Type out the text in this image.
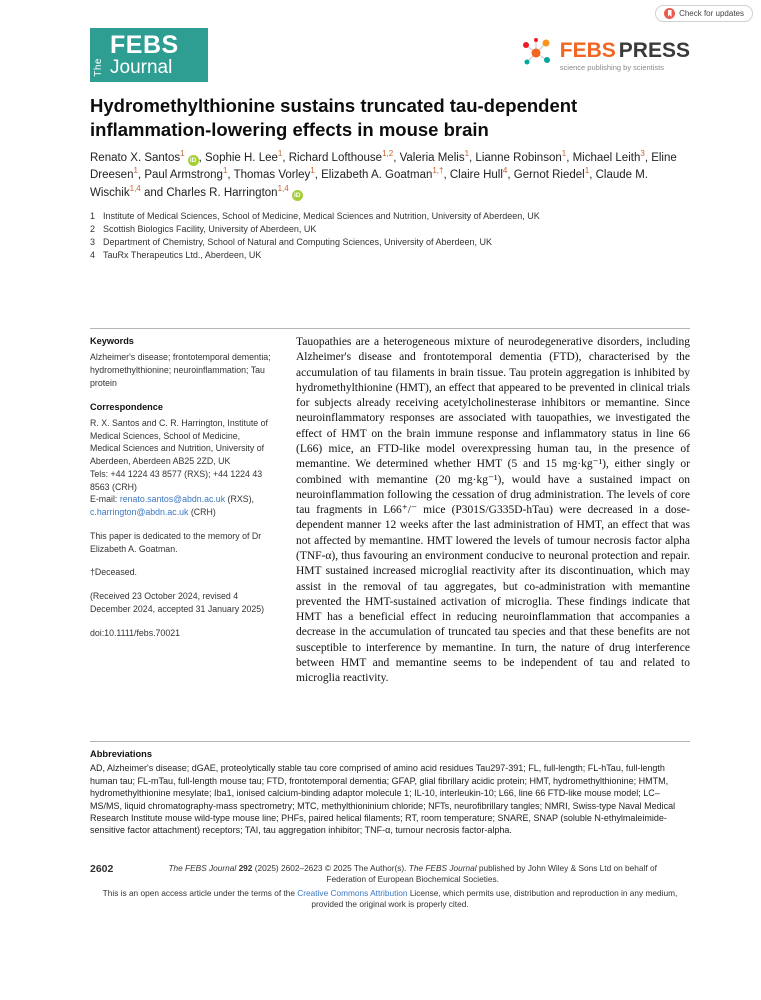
Check for updates
The
FEBS
Journal
FEBS PRESS
science publishing by scientists
Hydromethylthionine sustains truncated tau-dependent inflammation-lowering effects in mouse brain
Renato X. Santos$^1$iD , Sophie H. Lee$^1$, Richard Lofthouse$^{1,2}$, Valeria Melis$^1$, Lianne Robinson$^1$, Michael Leith$^3$, Eline Dreesen$^1$, Paul Armstrong$^1$, Thomas Vorley$^1$, Elizabeth A. Goatman$^{1,\dagger}$, Claire Hull$^4$, Gernot Riedel$^1$, Claude M. Wischik$^{1,4}$ and Charles R. Harrington$^{1,4}$iD
1 Institute of Medical Sciences, School of Medicine, Medical Sciences and Nutrition, University of Aberdeen, UK
2 Scottish Biologics Facility, University of Aberdeen, UK
3 Department of Chemistry, School of Natural and Computing Sciences, University of Aberdeen, UK
4 TauRx Therapeutics Ltd., Aberdeen, UK
Keywords

Alzheimer's disease; frontotemporal dementia; hydromethylthionine; neuroinflammation; Tau protein

Correspondence

R. X. Santos and C. R. Harrington, Institute of Medical Sciences, School of Medicine, Medical Sciences and Nutrition, University of Aberdeen, Aberdeen AB25 2ZD, UK

Tels: +44 1224 43 8577 (RXS); +44 1224 43 8563 (CRH)

E-mail: renato.santos@abdn.ac.uk (RXS), c.harrington@abdn.ac.uk (CRH)

This paper is dedicated to the memory of Dr Elizabeth A. Goatman.

†Deceased.

(Received 23 October 2024, revised 4 December 2024, accepted 31 January 2025)

doi:10.1111/febs.70021

Tauopathies are a heterogeneous mixture of neurodegenerative disorders, including Alzheimer's disease and frontotemporal dementia (FTD), characterised by the accumulation of tau filaments in brain tissue. Tau protein aggregation is inhibited by hydromethylthionine (HMT), an effect that appeared to be prevented in clinical trials for subjects already receiving acetylcholinesterase inhibitors or memantine. Since neuroinflammatory responses are associated with tauopathies, we investigated the effect of HMT on the brain immune response and inflammatory status in line 66 (L66) mice, an FTD-like model overexpressing human tau, in the presence of memantine. We determined whether HMT (5 and 15 mg·kg⁻¹), either singly or combined with memantine (20 mg·kg⁻¹), would have a sustained impact on neuroinflammation following the cessation of drug administration. The levels of core tau fragments in L66⁺/⁻ mice (P301S/G335D-hTau) were decreased in a dose-dependent manner 12 weeks after the last administration of HMT, an effect that was not affected by memantine. HMT lowered the levels of tumour necrosis factor alpha (TNF-α), thus favouring an environment conducive to neuronal protection and repair. HMT sustained increased microglial reactivity after its discontinuation, which may assist in the removal of tau aggregates, but co-administration with memantine prevented the HMT-sustained activation of microglia. These findings indicate that HMT has a beneficial effect in reducing neuroinflammation that accompanies a decrease in the accumulation of truncated tau species and that these benefits are not susceptible to interference by memantine. In turn, the nature of drug interference between HMT and memantine seems to be independent of tau and related to microglia reactivity.
Abbreviations
AD, Alzheimer's disease; dGAE, proteolytically stable tau core comprised of amino acid residues Tau297-391; FL, full-length; FL-hTau, full-length human tau; FL-mTau, full-length mouse tau; FTD, frontotemporal dementia; GFAP, glial fibrillary acidic protein; HMT, hydromethylthionine; HMTM, hydromethylthionine mesylate; Iba1, ionised calcium-binding adaptor molecule 1; IL-10, interleukin-10; L66, line 66 FTD-like mouse model; LC–MS/MS, liquid chromatography-mass spectrometry; MTC, methylthioninium chloride; NFTs, neurofibrillary tangles; NMRI, Swiss-type Naval Medical Research Institute mouse wild-type mouse line; PHFs, paired helical filaments; RT, room temperature; SNARE, SNAP (soluble N-ethylmaleimide-sensitive factor attachment) receptors; TAI, tau aggregation inhibitor; TNF-α, tumour necrosis factor-alpha.
2602	The FEBS Journal 292 (2025) 2602–2623 © 2025 The Author(s). The FEBS Journal published by John Wiley & Sons Ltd on behalf of Federation of European Biochemical Societies.
This is an open access article under the terms of the Creative Commons Attribution License, which permits use, distribution and reproduction in any medium, provided the original work is properly cited.
